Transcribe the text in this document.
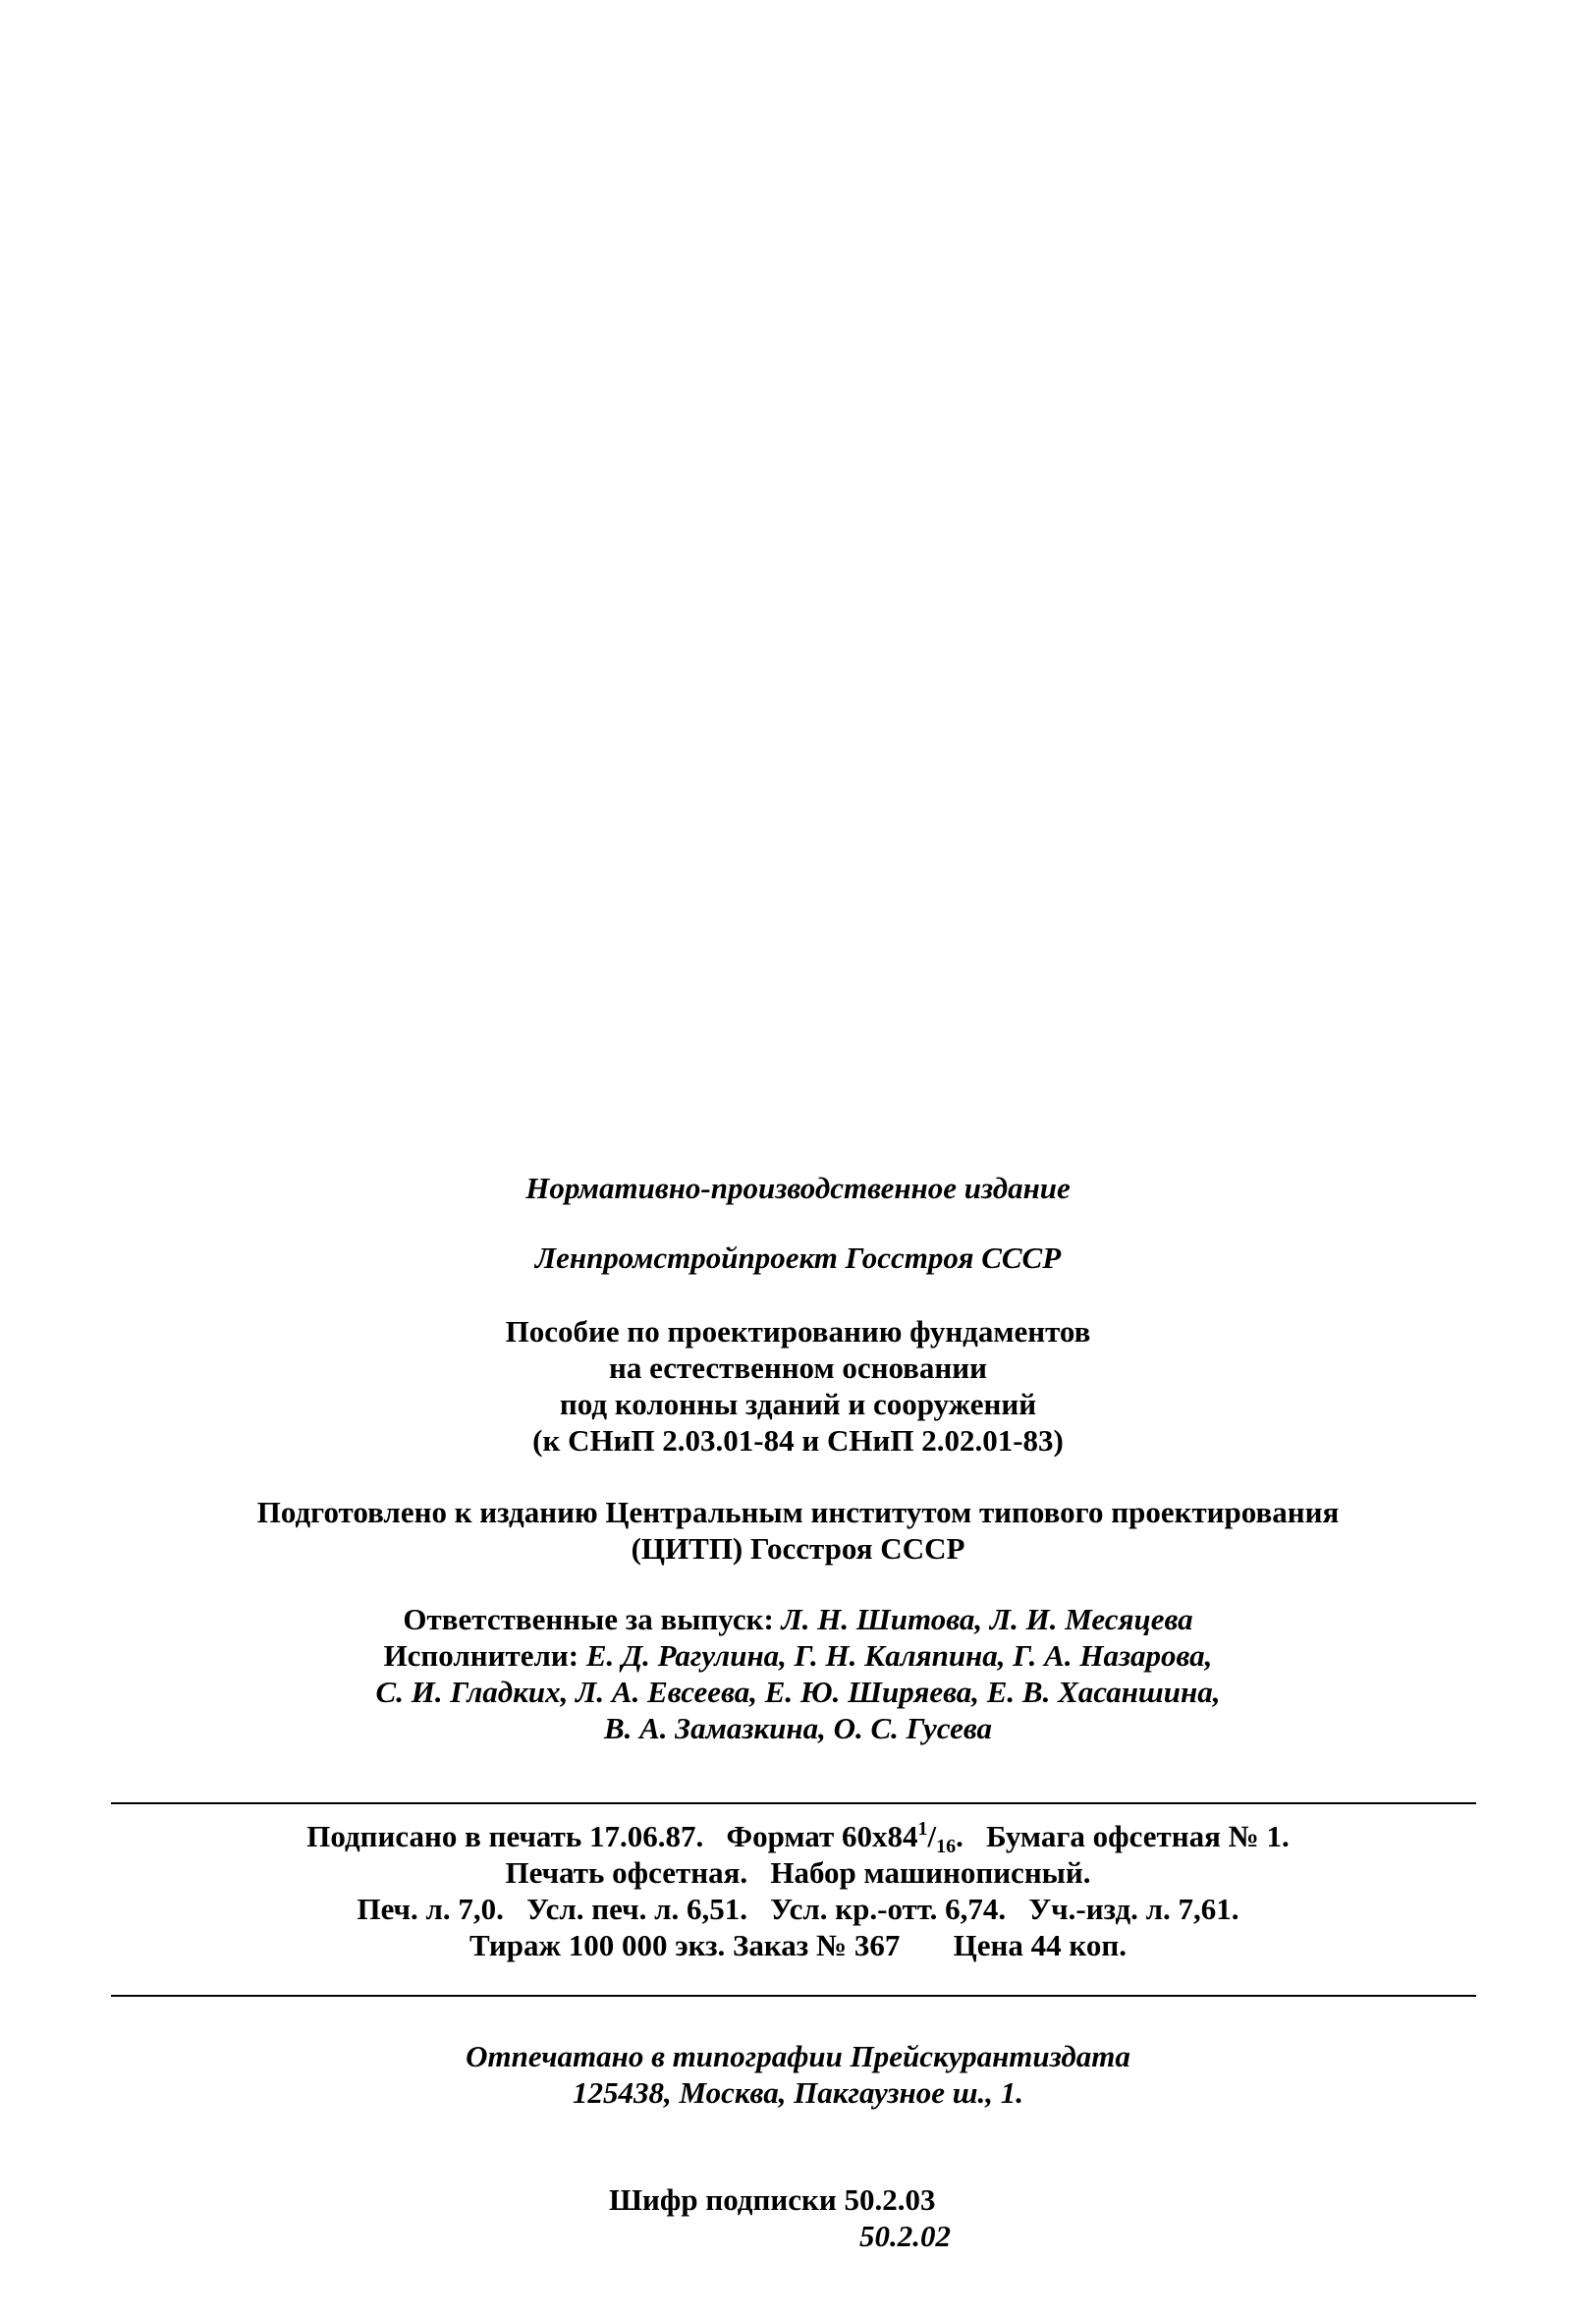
Нормативно-производственное издание
Ленпромстройпроект Госстроя СССР
Пособие по проектированию фундаментов
на естественном основании
под колонны зданий и сооружений
(к СНиП 2.03.01-84 и СНиП 2.02.01-83)
Подготовлено к изданию Центральным институтом типового проектирования
(ЦИТП) Госстроя СССР
Ответственные за выпуск: Л. Н. Шитова, Л. И. Месяцева
Исполнители: Е. Д. Рагулина, Г. Н. Каляпина, Г. А. Назарова,
С. И. Гладких, Л. А. Евсеева, Е. Ю. Ширяева, Е. В. Хасаншина,
В. А. Замазкина, О. С. Гусева
Подписано в печать 17.06.87. Формат $60x84^1/_{16}$. Бумага офсетная № 1.
Печать офсетная.   Набор машинописный.
Печ. л. 7,0.   Усл. печ. л. 6,51.   Усл. кр.-отт. 6,74.   Уч.-изд. л. 7,61.
Тираж 100 000 экз. Заказ № 367 Цена 44 коп.
Отпечатано в типографии Прейскурантиздата
125438, Москва, Пакгаузное ш., 1.
Шифр подписки 50.2.03
50.2.02
